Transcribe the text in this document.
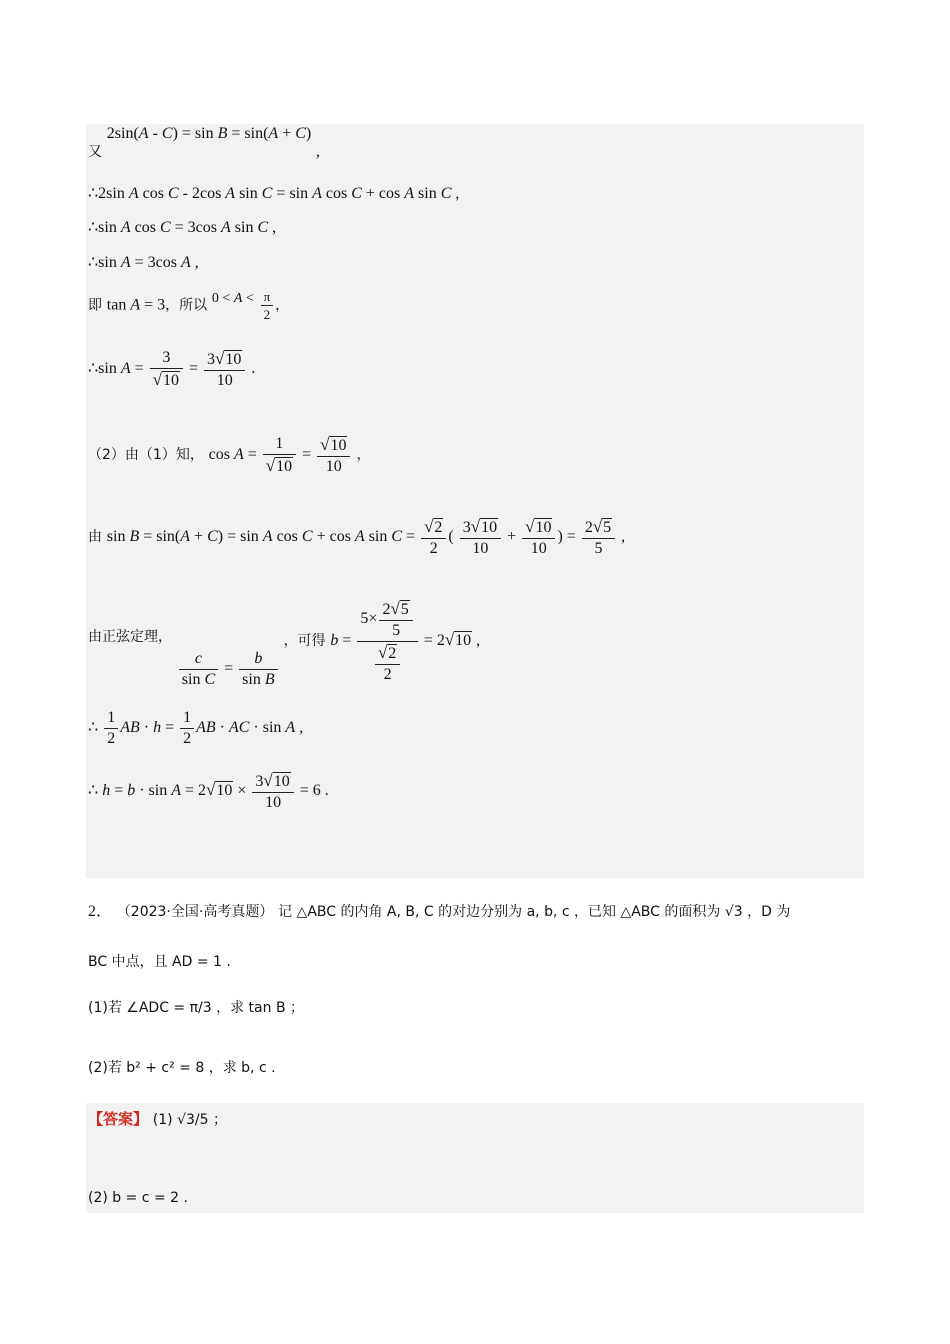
又 2sin(A - C) = sin B = sin(A + C) ,
∴2sin A cos C - 2cos A sin C = sin A cos C + cos A sin C ,
∴sin A cos C = 3cos A sin C ,
∴sin A = 3cos A ,
即 tan A = 3，所以 $0 < A < \frac{\pi}{2}$ ，
∴sin $A = \frac{3}{√10} = \frac{3√10}{10}$ .
（2）由（1）知， $\cos A = \frac{1}{√10} = \frac{√10}{10}$ ，
由 sin B = sin(A + C) = sin A cos C + cos A $\sin C = \frac{√2}{2}$ ( $\frac{3√10}{10} + \frac{√10}{10}$ ) = $\frac{2√5}{5}$ ,
由正弦定理，
$\frac{c}{\text{sin C}} = \frac{b}{\text{sin B}}$
，可得 $b = \frac{5\times \frac{2√5}{5}}{\frac{√2}{2}} = 2√10$ ,
∴ $\frac{1}{2}$ AB · $h = \frac{1}{2}$ AB · AC · sin A ,
∴ $h = b \cdot \sin A = 2√10 \times \frac{3√10}{10} = 6$ .
2． （2023·全国·高考真题） 记 △ABC 的内角 A, B, C 的对边分别为 a, b, c ，已知 △ABC 的面积为 √3 ，D 为
BC 中点，且 AD = 1 .
(1)若 ∠ADC = π/3 ，求 tan B ；
(2)若 b² + c² = 8 ，求 b, c .
【答案】 (1) √3/5 ；
(2) b = c = 2 .
